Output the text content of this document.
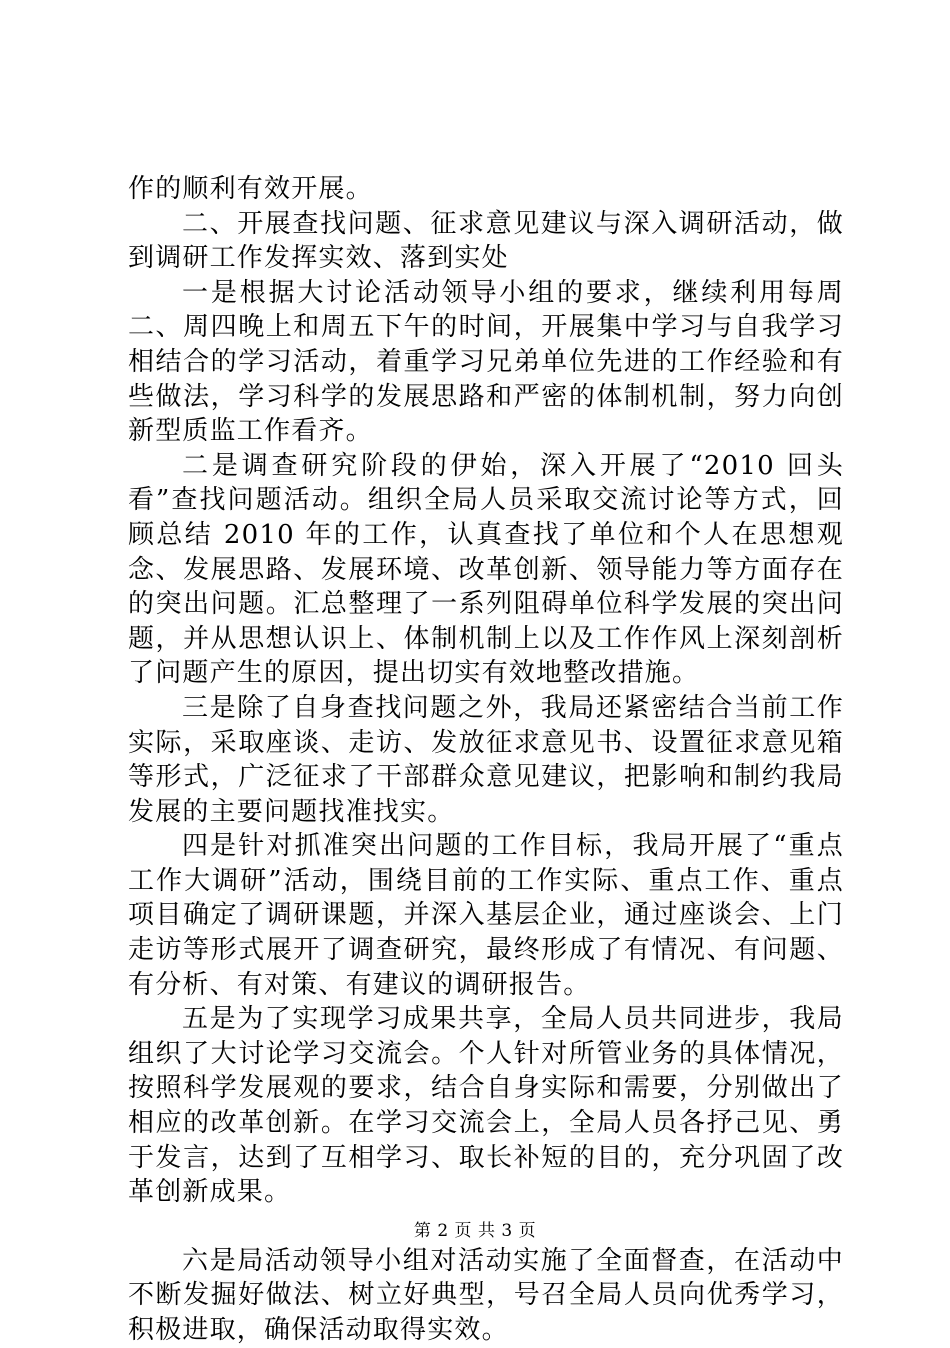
作的顺利有效开展。

二、开展查找问题、征求意见建议与深入调研活动，做到调研工作发挥实效、落到实处

一是根据大讨论活动领导小组的要求，继续利用每周二、周四晚上和周五下午的时间，开展集中学习与自我学习相结合的学习活动，着重学习兄弟单位先进的工作经验和有些做法，学习科学的发展思路和严密的体制机制，努力向创新型质监工作看齐。

二是调查研究阶段的伊始，深入开展了“2010 回头看”查找问题活动。组织全局人员采取交流讨论等方式，回顾总结 2010 年的工作，认真查找了单位和个人在思想观念、发展思路、发展环境、改革创新、领导能力等方面存在的突出问题。汇总整理了一系列阻碍单位科学发展的突出问题，并从思想认识上、体制机制上以及工作作风上深刻剖析了问题产生的原因，提出切实有效地整改措施。

三是除了自身查找问题之外，我局还紧密结合当前工作实际，采取座谈、走访、发放征求意见书、设置征求意见箱等形式，广泛征求了干部群众意见建议，把影响和制约我局发展的主要问题找准找实。

四是针对抓准突出问题的工作目标，我局开展了“重点工作大调研”活动，围绕目前的工作实际、重点工作、重点项目确定了调研课题，并深入基层企业，通过座谈会、上门走访等形式展开了调查研究，最终形成了有情况、有问题、有分析、有对策、有建议的调研报告。

五是为了实现学习成果共享，全局人员共同进步，我局组织了大讨论学习交流会。个人针对所管业务的具体情况，按照科学发展观的要求，结合自身实际和需要，分别做出了相应的改革创新。在学习交流会上，全局人员各抒己见、勇于发言，达到了互相学习、取长补短的目的，充分巩固了改革创新成果。

六是局活动领导小组对活动实施了全面督查，在活动中不断发掘好做法、树立好典型，号召全局人员向优秀学习，积极进取，确保活动取得实效。

第 2 页 共 3 页
